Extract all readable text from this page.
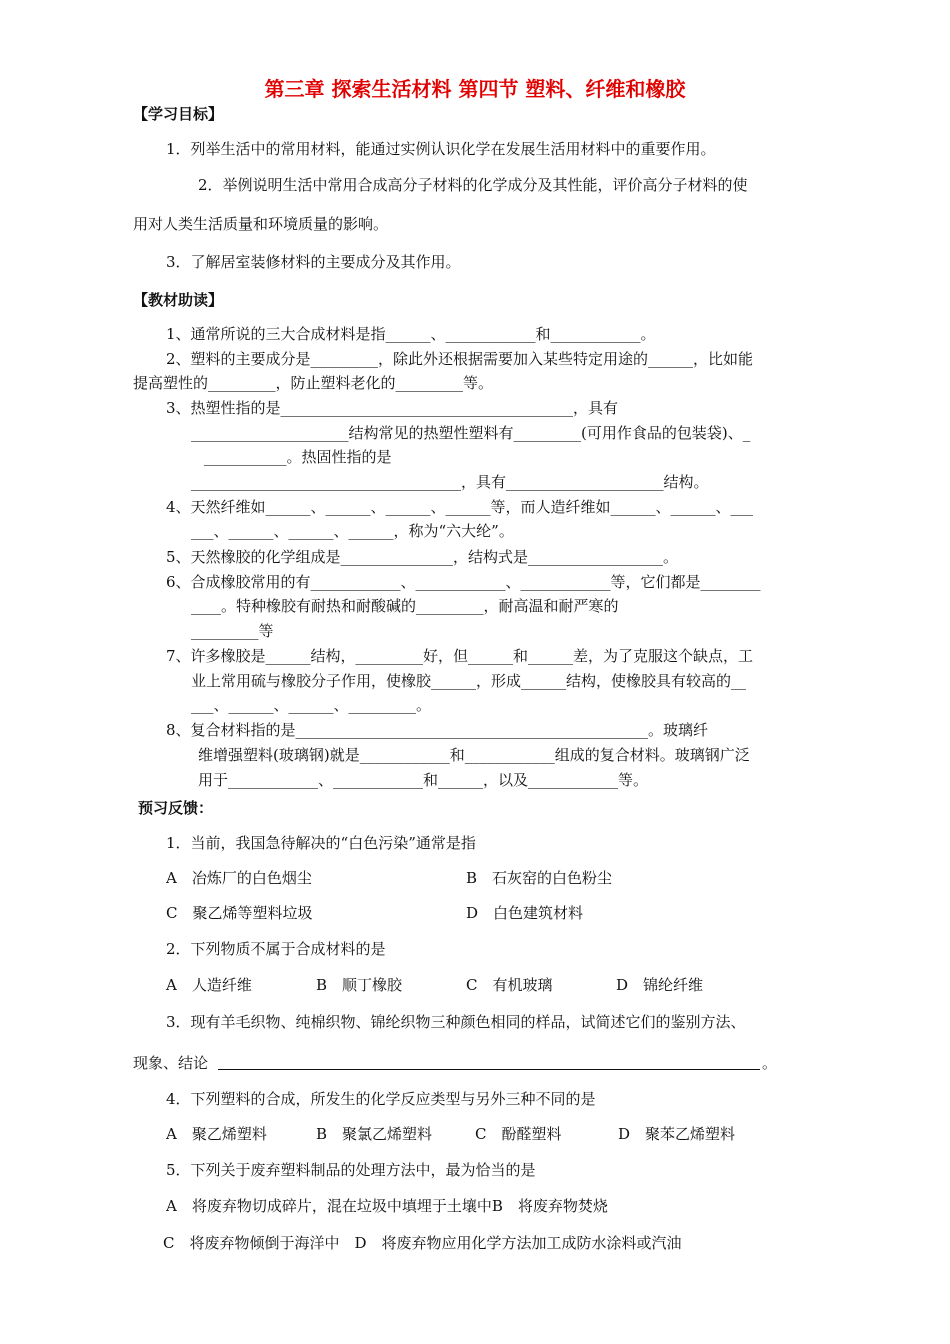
第三章 探索生活材料 第四节 塑料、纤维和橡胶
【学习目标】
1．列举生活中的常用材料，能通过实例认识化学在发展生活用材料中的重要作用。
2．举例说明生活中常用合成高分子材料的化学成分及其性能，评价高分子材料的使
用对人类生活质量和环境质量的影响。
3．了解居室装修材料的主要成分及其作用。
【教材助读】
1、通常所说的三大合成材料是指______、____________和____________。
2、塑料的主要成分是_________，除此外还根据需要加入某些特定用途的______，比如能
提高塑性的_________，防止塑料老化的_________等。
3、热塑性指的是_______________________________________，具有
_____________________结构常见的热塑性塑料有_________(可用作食品的包装袋)、_
___________。热固性指的是
____________________________________，具有_____________________结构。
4、天然纤维如______、______、______、______等，而人造纤维如______、______、___
___、______、______、______，称为“六大纶”。
5、天然橡胶的化学组成是_______________，结构式是__________________。
6、合成橡胶常用的有____________、____________、____________等，它们都是________
____。特种橡胶有耐热和耐酸碱的_________，耐高温和耐严寒的
_________等
7、许多橡胶是______结构，_________好，但______和______差，为了克服这个缺点，工
业上常用硫与橡胶分子作用，使橡胶______，形成______结构，使橡胶具有较高的__
___、______、______、_________。
8、复合材料指的是_______________________________________________。玻璃纤
维增强塑料(玻璃钢)就是____________和____________组成的复合材料。玻璃钢广泛
用于____________、____________和______，以及____________等。
预习反馈：
1．当前，我国急待解决的“白色污染”通常是指
A　冶炼厂的白色烟尘	B　石灰窑的白色粉尘
C　聚乙烯等塑料垃圾	D　白色建筑材料
2．下列物质不属于合成材料的是
A　人造纤维	B　顺丁橡胶	C　有机玻璃	D　锦纶纤维
3．现有羊毛织物、纯棉织物、锦纶织物三种颜色相同的样品，试简述它们的鉴别方法、
现象、结论	。
4．下列塑料的合成，所发生的化学反应类型与另外三种不同的是
A　聚乙烯塑料	B　聚氯乙烯塑料	C　酚醛塑料	D　聚苯乙烯塑料
5．下列关于废弃塑料制品的处理方法中，最为恰当的是
A　将废弃物切成碎片，混在垃圾中填埋于土壤中B　将废弃物焚烧
C　将废弃物倾倒于海洋中　D　将废弃物应用化学方法加工成防水涂料或汽油
